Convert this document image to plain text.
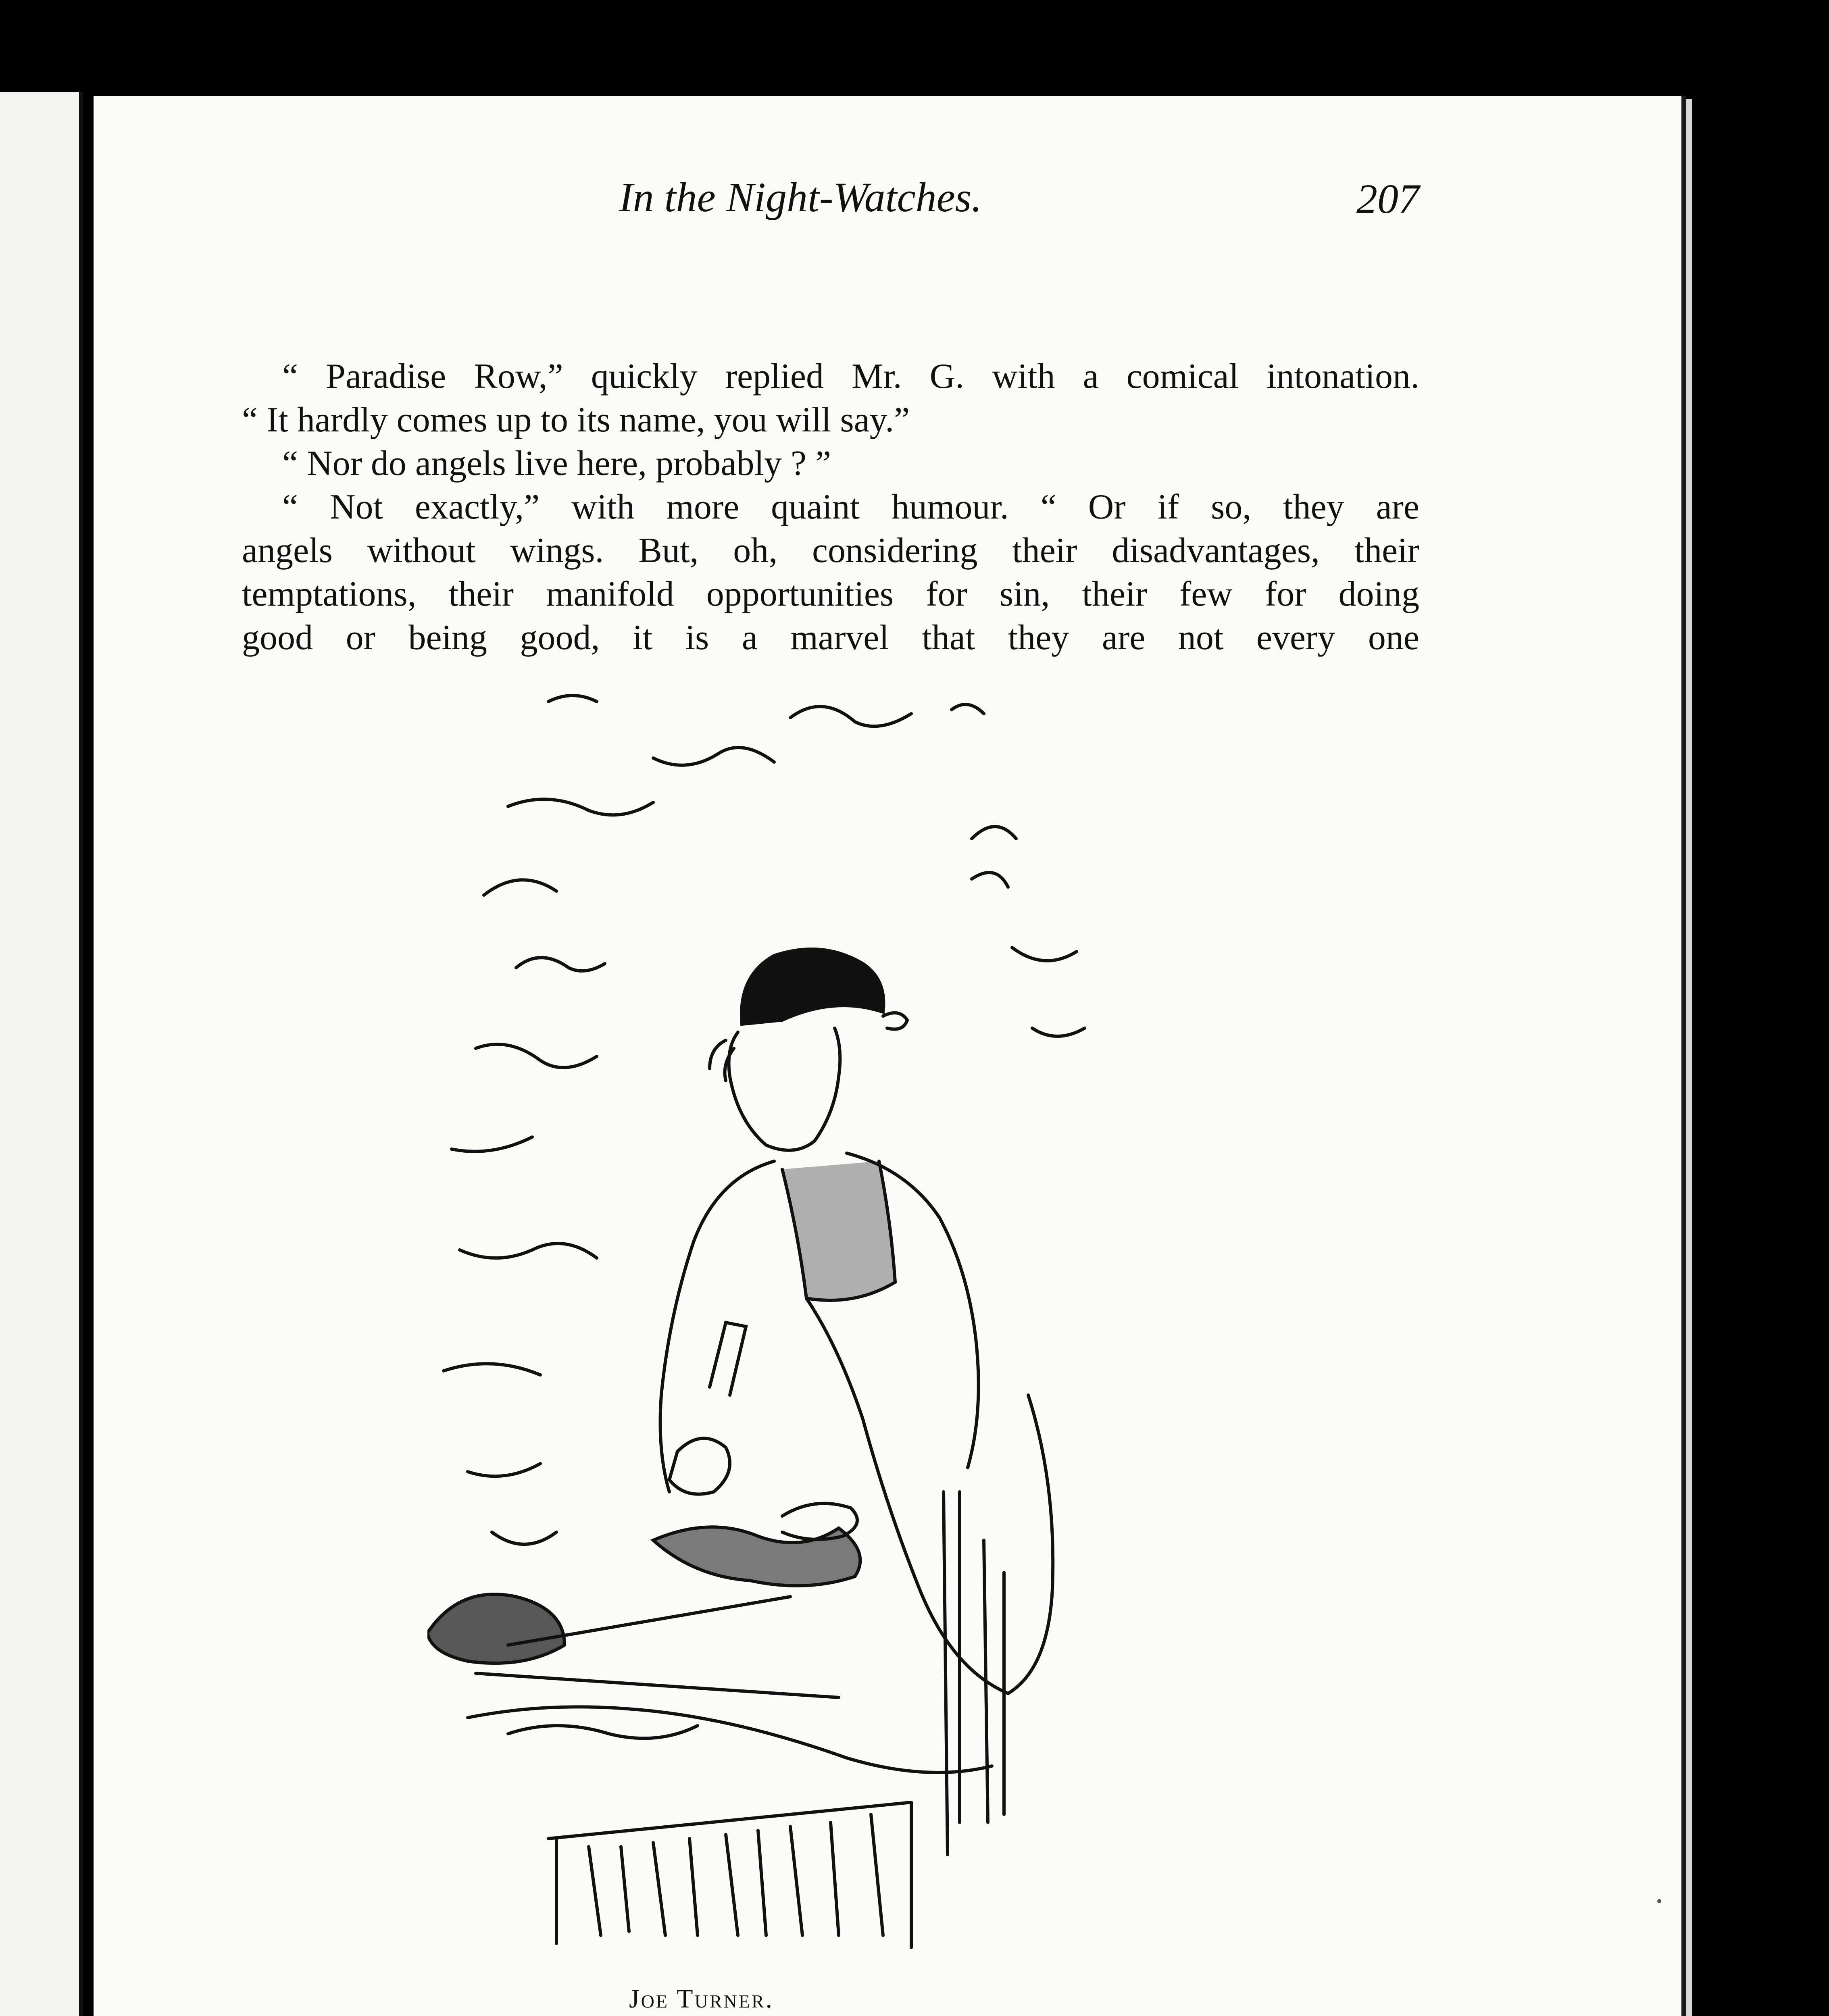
In the Night-Watches.	207

“ Paradise Row,” quickly replied Mr. G. with a comical intonation.

“ It hardly comes up to its name, you will say.”

“ Nor do angels live here, probably ? ”

“ Not exactly,” with more quaint humour. “ Or if so, they are

angels without wings. But, oh, considering their disadvantages, their

temptations, their manifold opportunities for sin, their few for doing

good or being good, it is a marvel that they are not every one

Joe Turner.
